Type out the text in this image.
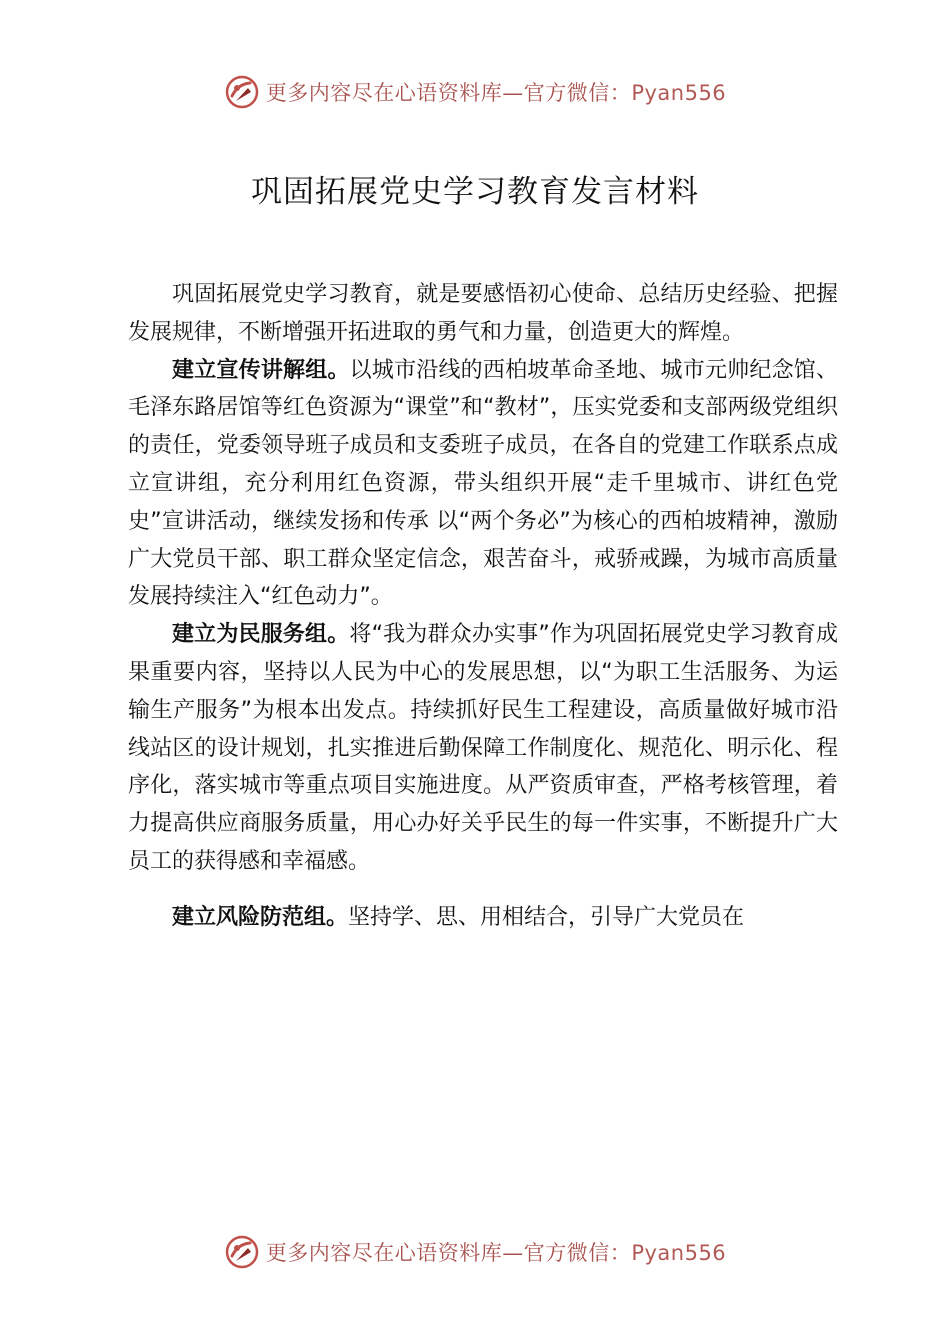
更多内容尽在心语资料库—官方微信：Pyan556
巩固拓展党史学习教育发言材料

巩固拓展党史学习教育，就是要感悟初心使命、总结历史经验、把握发展规律，不断增强开拓进取的勇气和力量，创造更大的辉煌。

建立宣传讲解组。以城市沿线的西柏坡革命圣地、城市元帅纪念馆、毛泽东路居馆等红色资源为“课堂”和“教材”，压实党委和支部两级党组织的责任，党委领导班子成员和支委班子成员，在各自的党建工作联系点成立宣讲组，充分利用红色资源，带头组织开展“走千里城市、讲红色党史”宣讲活动，继续发扬和传承 以“两个务必”为核心的西柏坡精神，激励广大党员干部、职工群众坚定信念，艰苦奋斗，戒骄戒躁，为城市高质量发展持续注入“红色动力”。

建立为民服务组。将“我为群众办实事”作为巩固拓展党史学习教育成果重要内容，坚持以人民为中心的发展思想，以“为职工生活服务、为运输生产服务”为根本出发点。持续抓好民生工程建设，高质量做好城市沿线站区的设计规划，扎实推进后勤保障工作制度化、规范化、明示化、程序化，落实城市等重点项目实施进度。从严资质审查，严格考核管理，着力提高供应商服务质量，用心办好关乎民生的每一件实事，不断提升广大员工的获得感和幸福感。

建立风险防范组。坚持学、思、用相结合，引导广大党员在

更多内容尽在心语资料库—官方微信：Pyan556
